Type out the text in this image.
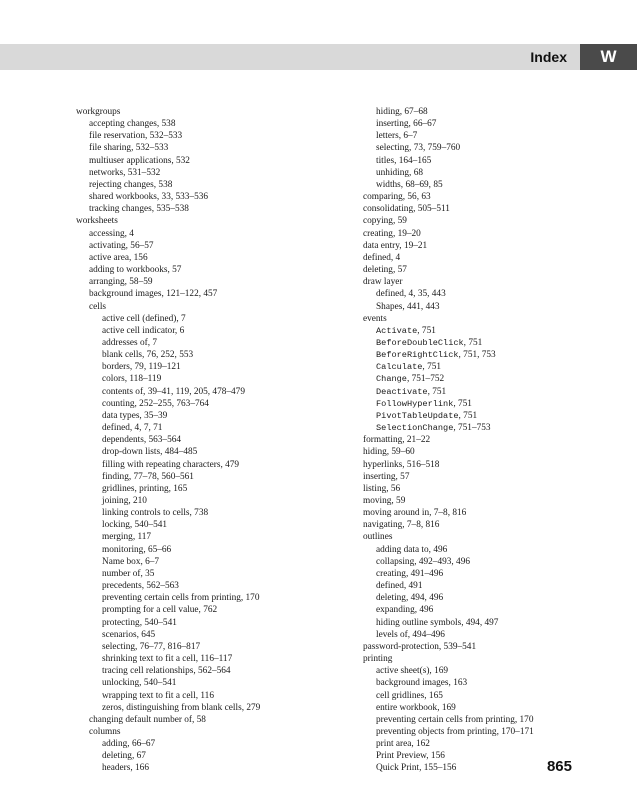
Index	W
workgroups
accepting changes, 538
file reservation, 532–533
file sharing, 532–533
multiuser applications, 532
networks, 531–532
rejecting changes, 538
shared workbooks, 33, 533–536
tracking changes, 535–538
worksheets
accessing, 4
activating, 56–57
active area, 156
adding to workbooks, 57
arranging, 58–59
background images, 121–122, 457
cells
active cell (defined), 7
active cell indicator, 6
addresses of, 7
blank cells, 76, 252, 553
borders, 79, 119–121
colors, 118–119
contents of, 39–41, 119, 205, 478–479
counting, 252–255, 763–764
data types, 35–39
defined, 4, 7, 71
dependents, 563–564
drop-down lists, 484–485
filling with repeating characters, 479
finding, 77–78, 560–561
gridlines, printing, 165
joining, 210
linking controls to cells, 738
locking, 540–541
merging, 117
monitoring, 65–66
Name box, 6–7
number of, 35
precedents, 562–563
preventing certain cells from printing, 170
prompting for a cell value, 762
protecting, 540–541
scenarios, 645
selecting, 76–77, 816–817
shrinking text to fit a cell, 116–117
tracing cell relationships, 562–564
unlocking, 540–541
wrapping text to fit a cell, 116
zeros, distinguishing from blank cells, 279
changing default number of, 58
columns
adding, 66–67
deleting, 67
headers, 166
hiding, 67–68
inserting, 66–67
letters, 6–7
selecting, 73, 759–760
titles, 164–165
unhiding, 68
widths, 68–69, 85
comparing, 56, 63
consolidating, 505–511
copying, 59
creating, 19–20
data entry, 19–21
defined, 4
deleting, 57
draw layer
defined, 4, 35, 443
Shapes, 441, 443
events
Activate, 751
BeforeDoubleClick, 751
BeforeRightClick, 751, 753
Calculate, 751
Change, 751–752
Deactivate, 751
FollowHyperlink, 751
PivotTableUpdate, 751
SelectionChange, 751–753
formatting, 21–22
hiding, 59–60
hyperlinks, 516–518
inserting, 57
listing, 56
moving, 59
moving around in, 7–8, 816
navigating, 7–8, 816
outlines
adding data to, 496
collapsing, 492–493, 496
creating, 491–496
defined, 491
deleting, 494, 496
expanding, 496
hiding outline symbols, 494, 497
levels of, 494–496
password-protection, 539–541
printing
active sheet(s), 169
background images, 163
cell gridlines, 165
entire workbook, 169
preventing certain cells from printing, 170
preventing objects from printing, 170–171
print area, 162
Print Preview, 156
Quick Print, 155–156	865
